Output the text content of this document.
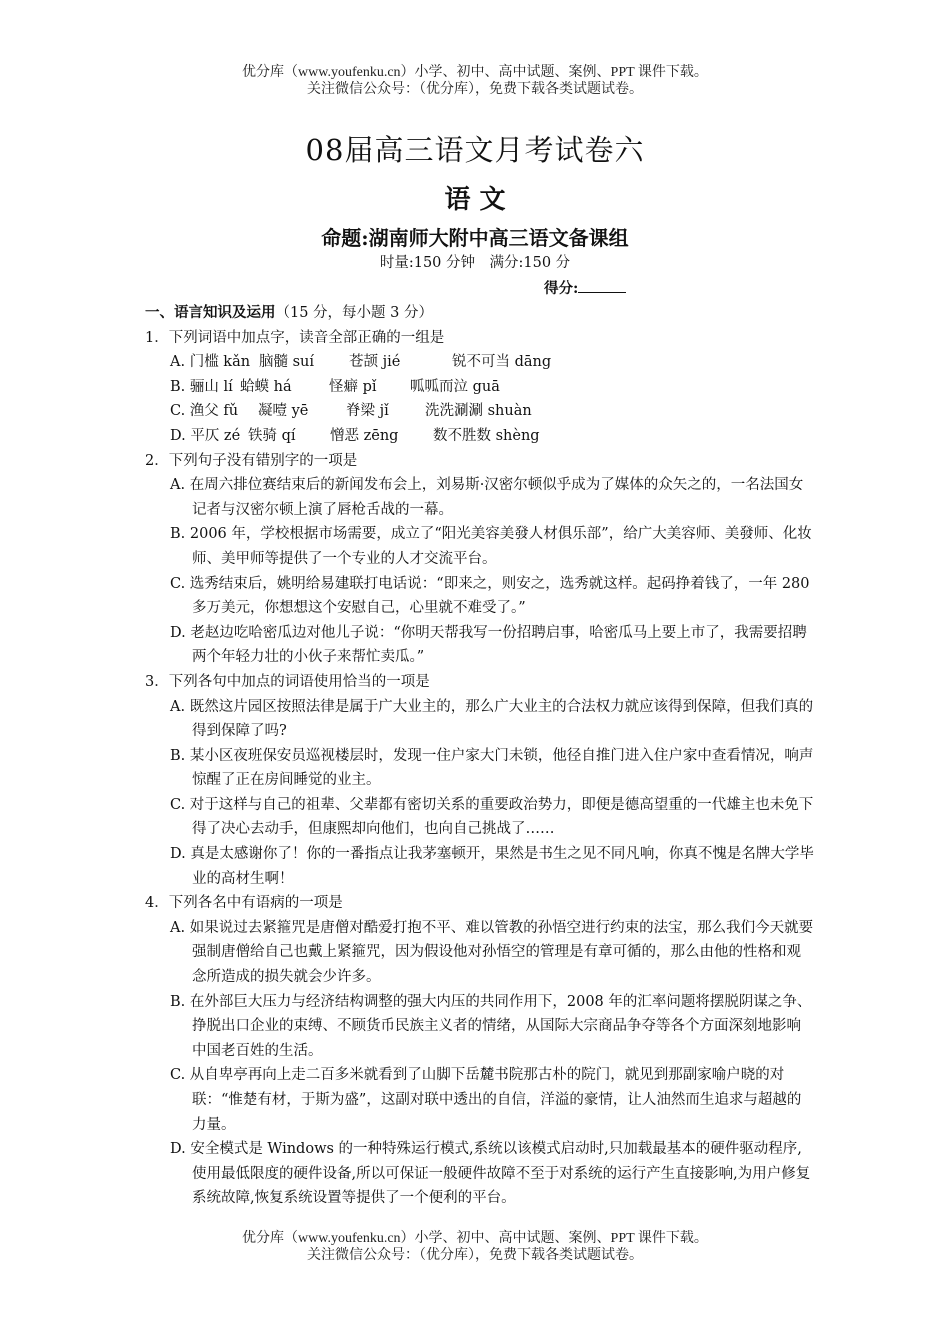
优分库（www.youfenku.cn）小学、初中、高中试题、案例、PPT 课件下载。
关注微信公众号：（优分库），免费下载各类试题试卷。
08届高三语文月考试卷六
语 文
命题:湖南师大附中高三语文备课组
时量:150 分钟　满分:150 分
得分:
一、语言知识及运用（15 分，每小题 3 分）
1．下列词语中加点字，读音全部正确的一组是
A. 门槛 kǎn 脑髓 suí	苍颉 jié	锐不可当 dāng
B. 骊山 lí 蛤蟆 há	怪癖 pǐ	呱呱而泣 guā
C. 渔父 fǔ	凝噎 yē	脊梁 jǐ	洗洗涮涮 shuàn
D. 平仄 zé 铁骑 qí	憎恶 zēng	数不胜数 shèng
2．下列句子没有错别字的一项是
A. 在周六排位赛结束后的新闻发布会上，刘易斯·汉密尔顿似乎成为了媒体的众矢之的，一名法国女记者与汉密尔顿上演了唇枪舌战的一幕。
B. 2006 年，学校根据市场需要，成立了“阳光美容美發人材俱乐部”，给广大美容师、美發师、化妆师、美甲师等提供了一个专业的人才交流平台。
C. 选秀结束后，姚明给易建联打电话说：“即来之，则安之，选秀就这样。起码挣着钱了，一年 280 多万美元，你想想这个安慰自己，心里就不难受了。”
D. 老赵边吃哈密瓜边对他儿子说：“你明天帮我写一份招聘启事，哈密瓜马上要上市了，我需要招聘两个年轻力壮的小伙子来帮忙卖瓜。”
3．下列各句中加点的词语使用恰当的一项是
A. 既然这片园区按照法律是属于广大业主的，那么广大业主的合法权力就应该得到保障，但我们真的得到保障了吗?
B. 某小区夜班保安员巡视楼层时，发现一住户家大门未锁，他径自推门进入住户家中查看情况，响声惊醒了正在房间睡觉的业主。
C. 对于这样与自己的祖辈、父辈都有密切关系的重要政治势力，即便是德高望重的一代雄主也未免下得了决心去动手，但康熙却向他们，也向自己挑战了……
D. 真是太感谢你了！你的一番指点让我茅塞顿开，果然是书生之见不同凡响，你真不愧是名牌大学毕业的高材生啊！
4．下列各名中有语病的一项是
A. 如果说过去紧箍咒是唐僧对酷爱打抱不平、难以管教的孙悟空进行约束的法宝，那么我们今天就要强制唐僧给自己也戴上紧箍咒，因为假设他对孙悟空的管理是有章可循的，那么由他的性格和观念所造成的损失就会少许多。
B. 在外部巨大压力与经济结构调整的强大内压的共同作用下，2008 年的汇率问题将摆脱阴谋之争、挣脱出口企业的束缚、不顾货币民族主义者的情绪，从国际大宗商品争夺等各个方面深刻地影响中国老百姓的生活。
C. 从自卑亭再向上走二百多米就看到了山脚下岳麓书院那古朴的院门，就见到那副家喻户晓的对联：“惟楚有材，于斯为盛”，这副对联中透出的自信，洋溢的豪情，让人油然而生追求与超越的力量。
D. 安全模式是 Windows 的一种特殊运行模式,系统以该模式启动时,只加载最基本的硬件驱动程序,使用最低限度的硬件设备,所以可保证一般硬件故障不至于对系统的运行产生直接影响,为用户修复系统故障,恢复系统设置等提供了一个便利的平台。
优分库（www.youfenku.cn）小学、初中、高中试题、案例、PPT 课件下载。
关注微信公众号：（优分库），免费下载各类试题试卷。
